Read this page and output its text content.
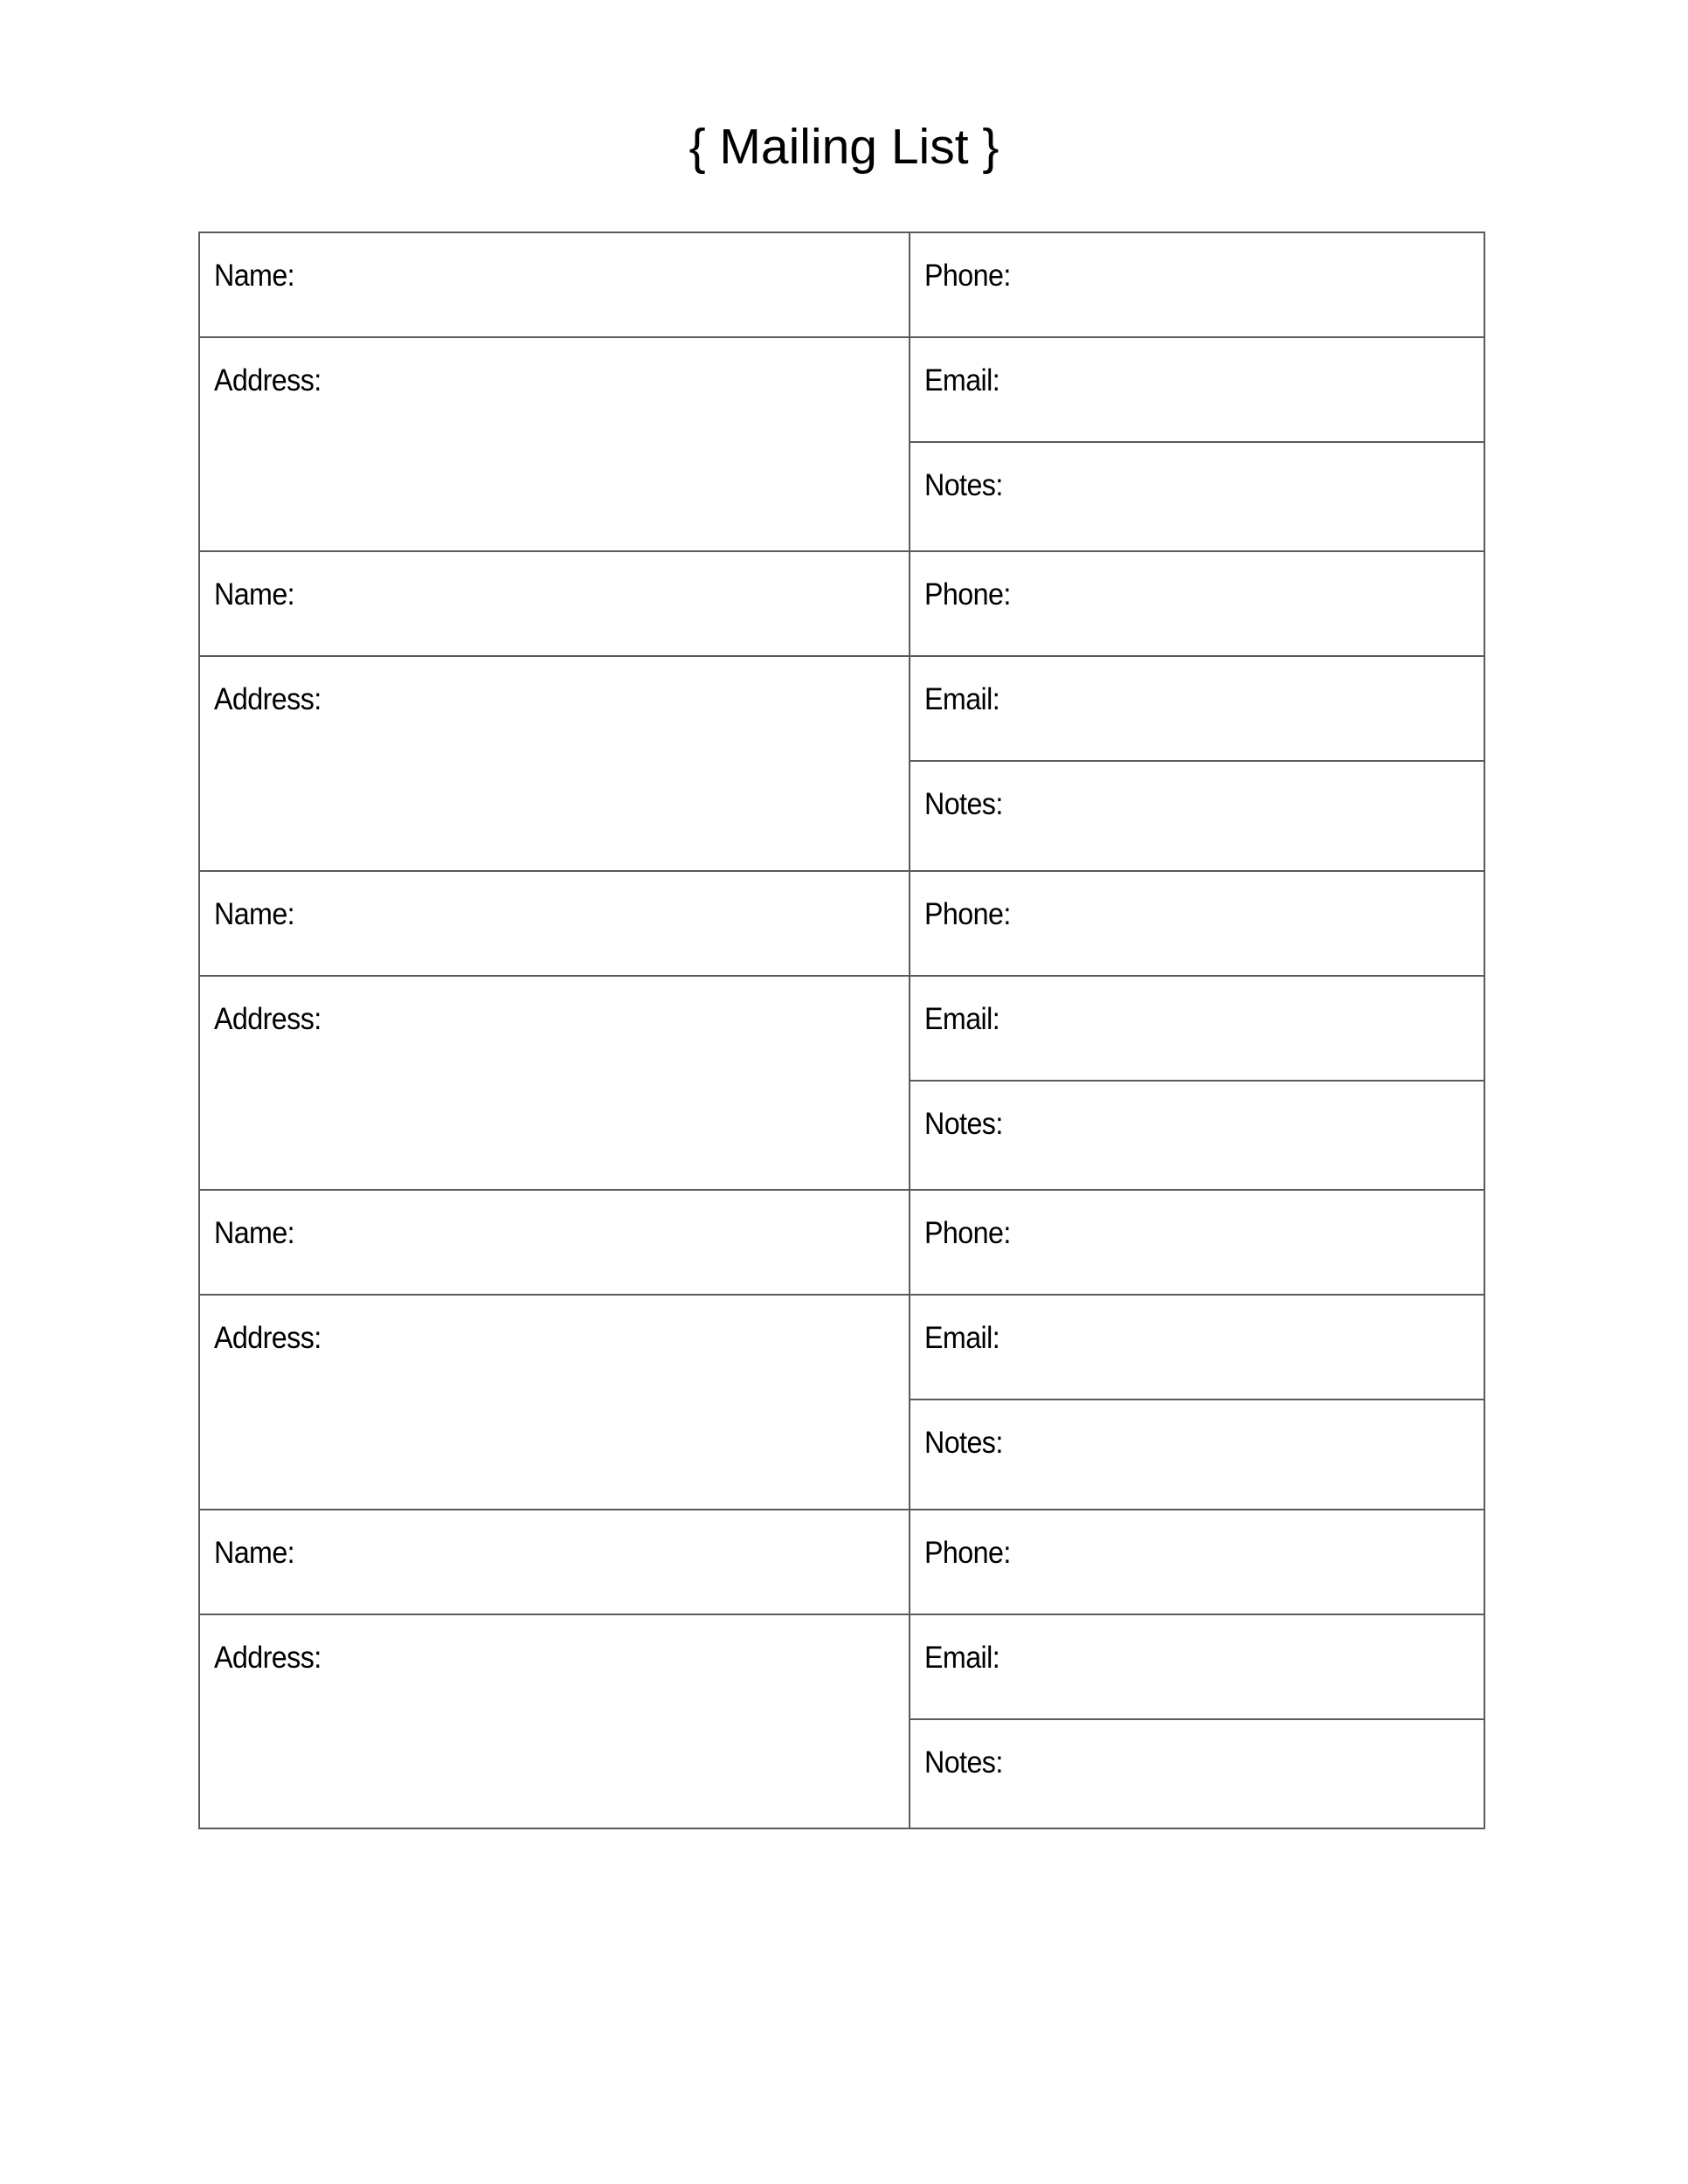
{ Mailing List }
Name:	Phone:
Address:	Email:
Notes:
Name:	Phone:
Address:	Email:
Notes:
Name:	Phone:
Address:	Email:
Notes:
Name:	Phone:
Address:	Email:
Notes:
Name:	Phone:
Address:	Email:
Notes:
